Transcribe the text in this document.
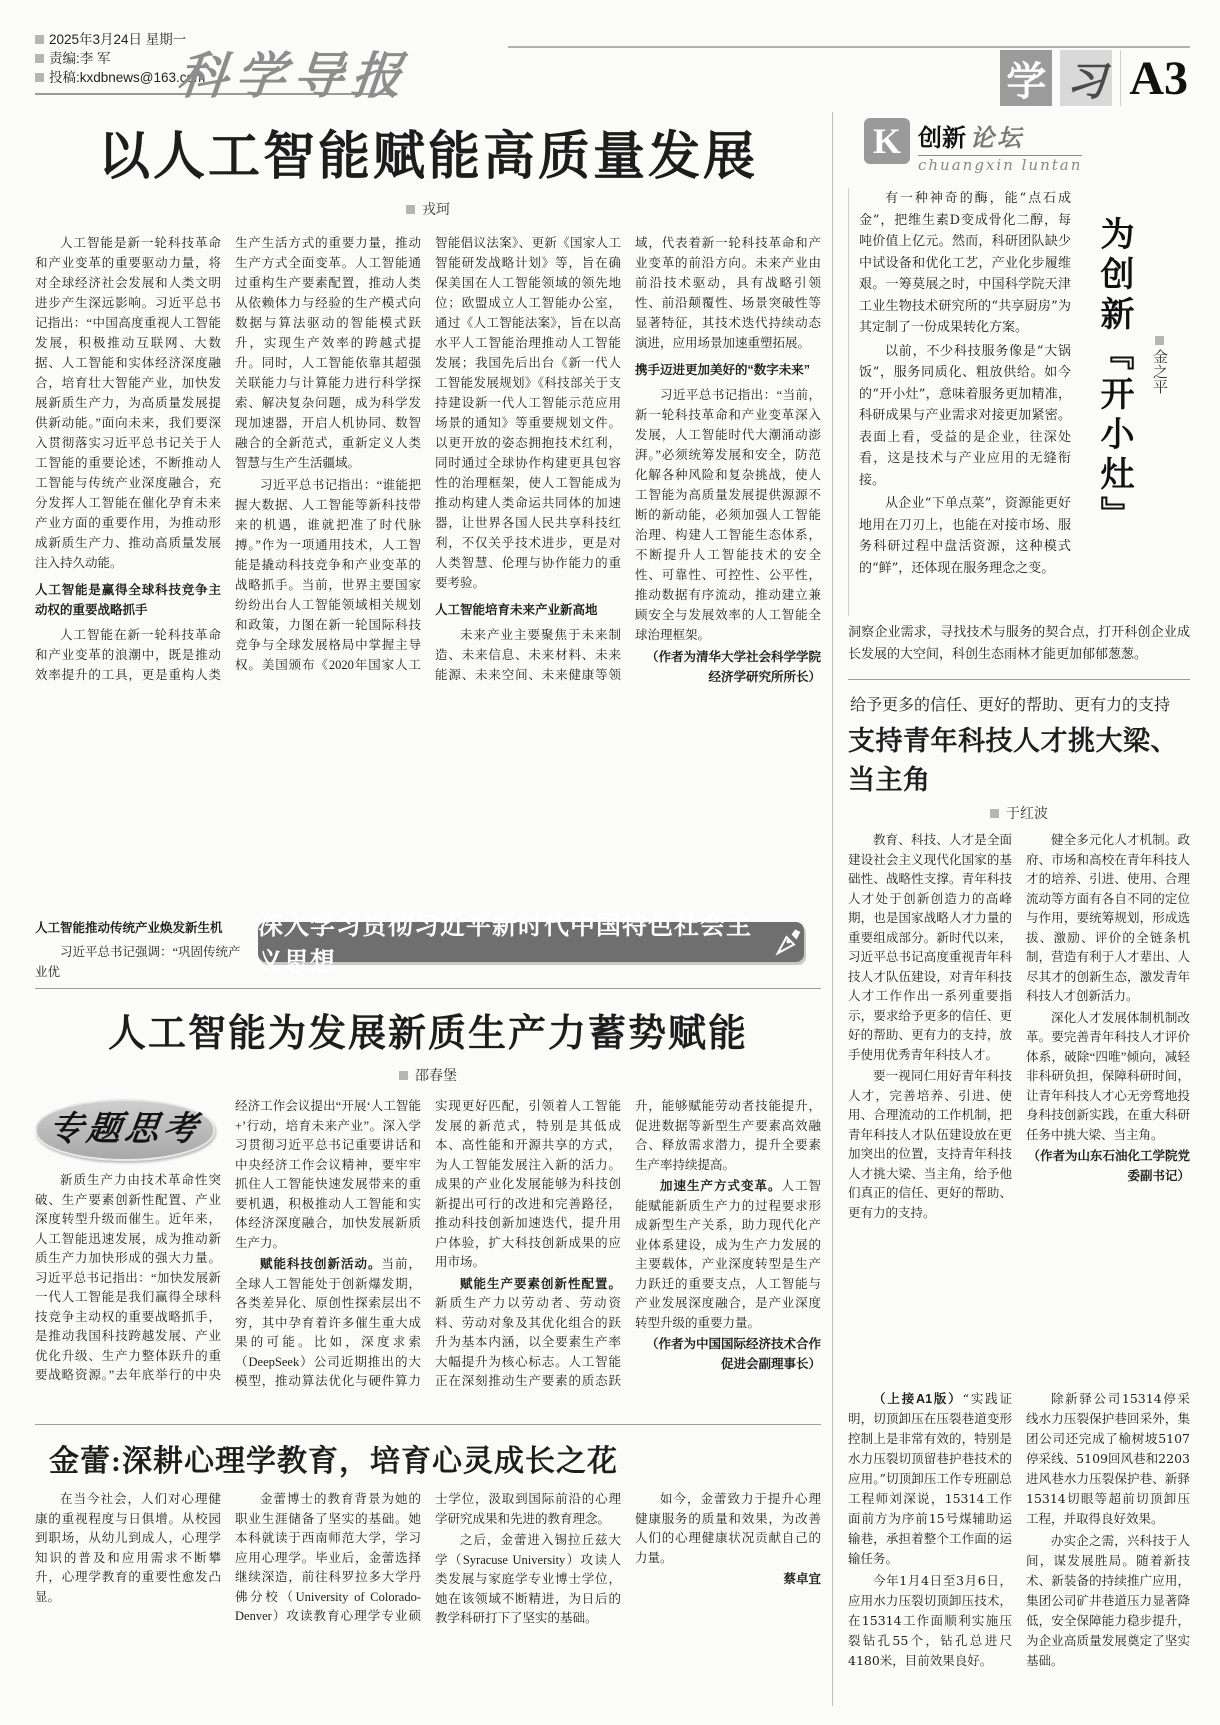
2025年3月24日 星期一
责编:李 军
投稿:kxdbnews@163.com
科学导报	学 习 A3
以人工智能赋能高质量发展
戎珂

人工智能是新一轮科技革命和产业变革的重要驱动力量，将对全球经济社会发展和人类文明进步产生深远影响。习近平总书记指出：“中国高度重视人工智能发展，积极推动互联网、大数据、人工智能和实体经济深度融合，培育壮大智能产业，加快发展新质生产力，为高质量发展提供新动能。”面向未来，我们要深入贯彻落实习近平总书记关于人工智能的重要论述，不断推动人工智能与传统产业深度融合，充分发挥人工智能在催化孕育未来产业方面的重要作用，为推动形成新质生产力、推动高质量发展注入持久动能。

人工智能是赢得全球科技竞争主动权的重要战略抓手

人工智能在新一轮科技革命和产业变革的浪潮中，既是推动效率提升的工具，更是重构人类生产生活方式的重要力量，推动生产方式全面变革。人工智能通过重构生产要素配置，推动人类从依赖体力与经验的生产模式向数据与算法驱动的智能模式跃升，实现生产效率的跨越式提升。同时，人工智能依靠其超强关联能力与计算能力进行科学探索、解决复杂问题，成为科学发现加速器，开启人机协同、数智融合的全新范式，重新定义人类智慧与生产生活疆域。

习近平总书记指出：“谁能把握大数据、人工智能等新科技带来的机遇，谁就把准了时代脉搏。”作为一项通用技术，人工智能是撬动科技竞争和产业变革的战略抓手。当前，世界主要国家纷纷出台人工智能领域相关规划和政策，力图在新一轮国际科技竞争与全球发展格局中掌握主导权。美国颁布《2020年国家人工智能倡议法案》、更新《国家人工智能研发战略计划》等，旨在确保美国在人工智能领域的领先地位；欧盟成立人工智能办公室，通过《人工智能法案》，旨在以高水平人工智能治理推动人工智能发展；我国先后出台《新一代人工智能发展规划》《科技部关于支持建设新一代人工智能示范应用场景的通知》等重要规划文件。以更开放的姿态拥抱技术红利，同时通过全球协作构建更具包容性的治理框架，使人工智能成为推动构建人类命运共同体的加速器，让世界各国人民共享科技红利，不仅关乎技术进步，更是对人类智慧、伦理与协作能力的重要考验。

人工智能培育未来产业新高地

未来产业主要聚焦于未来制造、未来信息、未来材料、未来能源、未来空间、未来健康等领域，代表着新一轮科技革命和产业变革的前沿方向。未来产业由前沿技术驱动，具有战略引领性、前沿颠覆性、场景突破性等显著特征，其技术迭代持续动态演进，应用场景加速重塑拓展。

携手迈进更加美好的“数字未来”

习近平总书记指出：“当前，新一轮科技革命和产业变革深入发展，人工智能时代大潮涌动澎湃。”必须统筹发展和安全，防范化解各种风险和复杂挑战，使人工智能为高质量发展提供源源不断的新动能，必须加强人工智能治理、构建人工智能生态体系，不断提升人工智能技术的安全性、可靠性、可控性、公平性，推动数据有序流动，推动建立兼顾安全与发展效率的人工智能全球治理框架。

（作者为清华大学社会科学学院经济学研究所所长）

人工智能推动传统产业焕发新生机

习近平总书记强调：“巩固传统产业优

深入学习贯彻习近平新时代中国特色社会主义思想
人工智能为发展新质生产力蓄势赋能
邵春堡
专题思考

新质生产力由技术革命性突破、生产要素创新性配置、产业深度转型升级而催生。近年来，人工智能迅速发展，成为推动新质生产力加快形成的强大力量。习近平总书记指出：“加快发展新一代人工智能是我们赢得全球科技竞争主动权的重要战略抓手，是推动我国科技跨越发展、产业优化升级、生产力整体跃升的重要战略资源。”去年底举行的中央经济工作会议提出“开展‘人工智能+’行动，培育未来产业”。深入学习贯彻习近平总书记重要讲话和中央经济工作会议精神，要牢牢抓住人工智能快速发展带来的重要机遇，积极推动人工智能和实体经济深度融合，加快发展新质生产力。

赋能科技创新活动。当前，全球人工智能处于创新爆发期，各类差异化、原创性探索层出不穷，其中孕育着许多催生重大成果的可能。比如，深度求索（DeepSeek）公司近期推出的大模型，推动算法优化与硬件算力实现更好匹配，引领着人工智能发展的新范式，特别是其低成本、高性能和开源共享的方式，为人工智能发展注入新的活力。成果的产业化发展能够为科技创新提出可行的改进和完善路径，推动科技创新加速迭代，提升用户体验，扩大科技创新成果的应用市场。

赋能生产要素创新性配置。新质生产力以劳动者、劳动资料、劳动对象及其优化组合的跃升为基本内涵，以全要素生产率大幅提升为核心标志。人工智能正在深刻推动生产要素的质态跃升，能够赋能劳动者技能提升，促进数据等新型生产要素高效融合、释放需求潜力，提升全要素生产率持续提高。

加速生产方式变革。人工智能赋能新质生产力的过程要求形成新型生产关系，助力现代化产业体系建设，成为生产力发展的主要载体，产业深度转型是生产力跃迁的重要支点，人工智能与产业发展深度融合，是产业深度转型升级的重要力量。

（作者为中国国际经济技术合作促进会副理事长）

金蕾:深耕心理学教育，培育心灵成长之花

在当今社会，人们对心理健康的重视程度与日俱增。从校园到职场，从幼儿到成人，心理学知识的普及和应用需求不断攀升，心理学教育的重要性愈发凸显。

金蕾博士的教育背景为她的职业生涯储备了坚实的基础。她本科就读于西南师范大学，学习应用心理学。毕业后，金蕾选择继续深造，前往科罗拉多大学丹佛分校（University of Colorado-Denver）攻读教育心理学专业硕士学位，汲取到国际前沿的心理学研究成果和先进的教育理念。

之后，金蕾进入锡拉丘兹大学（Syracuse University）攻读人类发展与家庭学专业博士学位，她在该领域不断精进，为日后的教学科研打下了坚实的基础。

如今，金蕾致力于提升心理健康服务的质量和效果，为改善人们的心理健康状况贡献自己的力量。

蔡卓宜

K 创新 论坛
chuangxin luntan

有一种神奇的酶，能“点石成金”，把维生素D变成骨化二醇，每吨价值上亿元。然而，科研团队缺少中试设备和优化工艺，产业化步履维艰。一筹莫展之时，中国科学院天津工业生物技术研究所的“共享厨房”为其定制了一份成果转化方案。

以前，不少科技服务像是“大锅饭”，服务同质化、粗放供给。如今的“开小灶”，意味着服务更加精准，科研成果与产业需求对接更加紧密。表面上看，受益的是企业，往深处看，这是技术与产业应用的无缝衔接。

从企业“下单点菜”，资源能更好地用在刀刃上，也能在对接市场、服务科研过程中盘活资源，这种模式的“鲜”，还体现在服务理念之变。

为创新『开小灶』	金之平

洞察企业需求，寻找技术与服务的契合点，打开科创企业成长发展的大空间，科创生态雨林才能更加郁郁葱葱。

给予更多的信任、更好的帮助、更有力的支持
支持青年科技人才挑大梁、当主角
于红波

教育、科技、人才是全面建设社会主义现代化国家的基础性、战略性支撑。青年科技人才处于创新创造力的高峰期，也是国家战略人才力量的重要组成部分。新时代以来，习近平总书记高度重视青年科技人才队伍建设，对青年科技人才工作作出一系列重要指示，要求给予更多的信任、更好的帮助、更有力的支持，放手使用优秀青年科技人才。

要一视同仁用好青年科技人才，完善培养、引进、使用、合理流动的工作机制，把青年科技人才队伍建设放在更加突出的位置，支持青年科技人才挑大梁、当主角，给予他们真正的信任、更好的帮助、更有力的支持。

健全多元化人才机制。政府、市场和高校在青年科技人才的培养、引进、使用、合理流动等方面有各自不同的定位与作用，要统筹规划，形成选拔、激励、评价的全链条机制，营造有利于人才辈出、人尽其才的创新生态，激发青年科技人才创新活力。

深化人才发展体制机制改革。要完善青年科技人才评价体系，破除“四唯”倾向，减轻非科研负担，保障科研时间，让青年科技人才心无旁骛地投身科技创新实践，在重大科研任务中挑大梁、当主角。

（作者为山东石油化工学院党委副书记）

（上接A1版）“实践证明，切顶卸压在压裂巷道变形控制上是非常有效的，特别是水力压裂切顶留巷护巷技术的应用。”切顶卸压工作专班副总工程师刘深说，15314工作面前方为序前15号煤辅助运输巷，承担着整个工作面的运输任务。

今年1月4日至3月6日，应用水力压裂切顶卸压技术，在15314工作面顺利实施压裂钻孔55个，钻孔总进尺4180米，目前效果良好。

除新驿公司15314停采线水力压裂保护巷回采外，集团公司还完成了榆树坡5107停采线、5109回风巷和2203进风巷水力压裂保护巷、新驿15314切眼等超前切顶卸压工程，并取得良好效果。

办实企之需，兴科技于人间，谋发展胜局。随着新技术、新装备的持续推广应用，集团公司矿井巷道压力显著降低，安全保障能力稳步提升，为企业高质量发展奠定了坚实基础。
